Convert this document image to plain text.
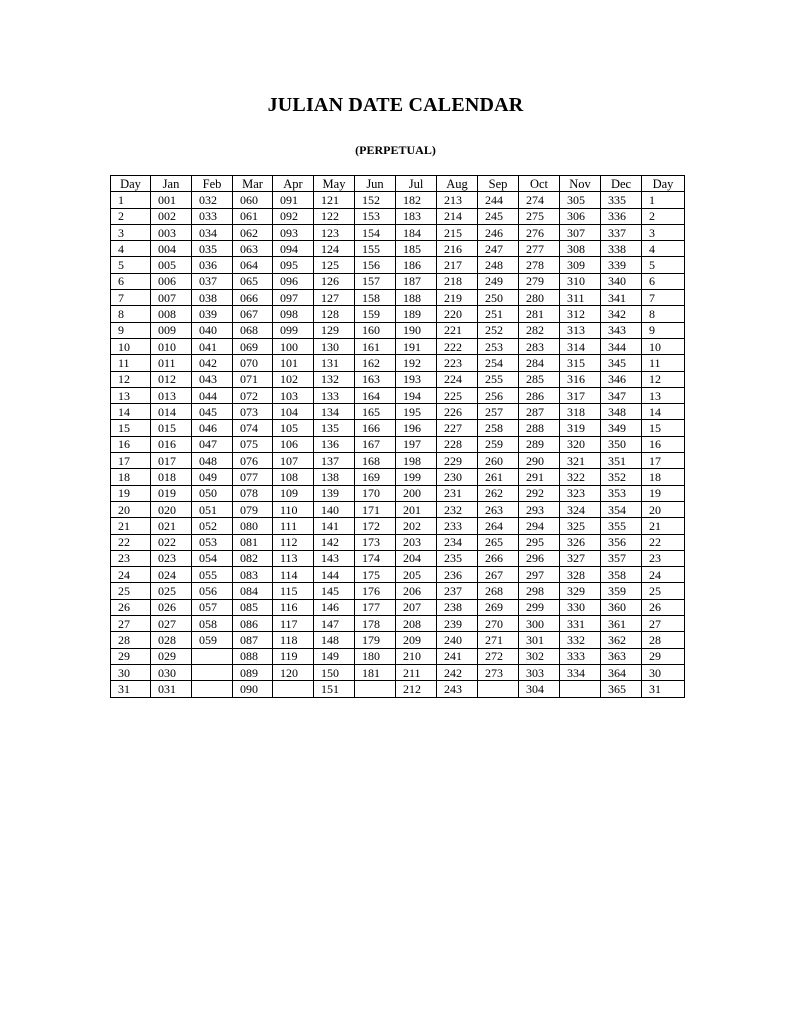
JULIAN DATE CALENDAR
(PERPETUAL)
Day	Jan	Feb	Mar	Apr	May	Jun	Jul	Aug	Sep	Oct	Nov	Dec	Day
1	001	032	060	091	121	152	182	213	244	274	305	335	1
2	002	033	061	092	122	153	183	214	245	275	306	336	2
3	003	034	062	093	123	154	184	215	246	276	307	337	3
4	004	035	063	094	124	155	185	216	247	277	308	338	4
5	005	036	064	095	125	156	186	217	248	278	309	339	5
6	006	037	065	096	126	157	187	218	249	279	310	340	6
7	007	038	066	097	127	158	188	219	250	280	311	341	7
8	008	039	067	098	128	159	189	220	251	281	312	342	8
9	009	040	068	099	129	160	190	221	252	282	313	343	9
10	010	041	069	100	130	161	191	222	253	283	314	344	10
11	011	042	070	101	131	162	192	223	254	284	315	345	11
12	012	043	071	102	132	163	193	224	255	285	316	346	12
13	013	044	072	103	133	164	194	225	256	286	317	347	13
14	014	045	073	104	134	165	195	226	257	287	318	348	14
15	015	046	074	105	135	166	196	227	258	288	319	349	15
16	016	047	075	106	136	167	197	228	259	289	320	350	16
17	017	048	076	107	137	168	198	229	260	290	321	351	17
18	018	049	077	108	138	169	199	230	261	291	322	352	18
19	019	050	078	109	139	170	200	231	262	292	323	353	19
20	020	051	079	110	140	171	201	232	263	293	324	354	20
21	021	052	080	111	141	172	202	233	264	294	325	355	21
22	022	053	081	112	142	173	203	234	265	295	326	356	22
23	023	054	082	113	143	174	204	235	266	296	327	357	23
24	024	055	083	114	144	175	205	236	267	297	328	358	24
25	025	056	084	115	145	176	206	237	268	298	329	359	25
26	026	057	085	116	146	177	207	238	269	299	330	360	26
27	027	058	086	117	147	178	208	239	270	300	331	361	27
28	028	059	087	118	148	179	209	240	271	301	332	362	28
29	029		088	119	149	180	210	241	272	302	333	363	29
30	030		089	120	150	181	211	242	273	303	334	364	30
31	031		090		151		212	243		304		365	31
